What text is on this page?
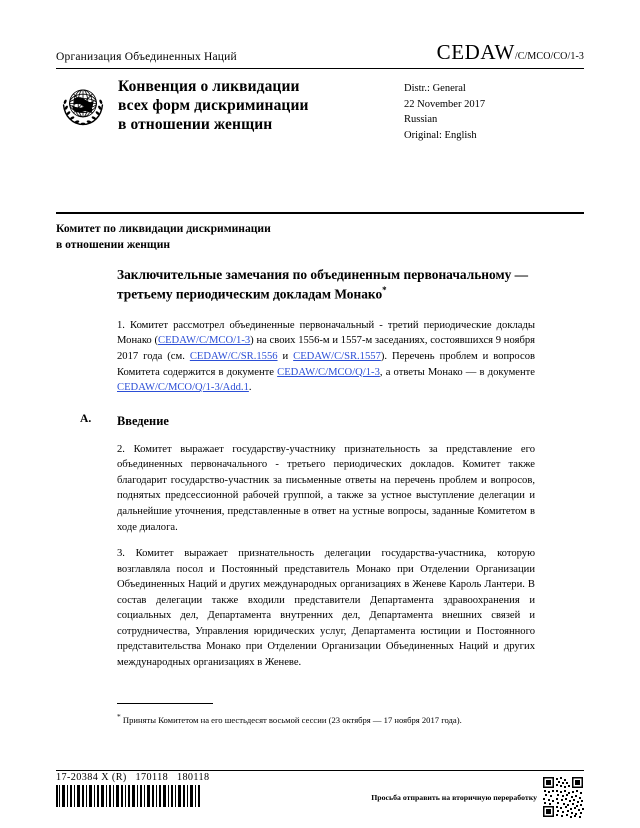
Организация Объединенных Наций	CEDAW /C/MCO/CO/1-3
Конвенция о ликвидации
всех форм дискриминации
в отношении женщин
Distr.: General
22 November 2017
Russian
Original: English
Комитет по ликвидации дискриминации
в отношении женщин
Заключительные замечания по объединенным первоначальному — третьему периодическим докладам Монако*

1. Комитет рассмотрел объединенные первоначальный - третий периодические доклады Монако (CEDAW/C/MCO/1-3) на своих 1556-м и 1557-м заседаниях, состоявшихся 9 ноября 2017 года (см. CEDAW/C/SR.1556 и CEDAW/C/SR.1557). Перечень проблем и вопросов Комитета содержится в документе CEDAW/C/MCO/Q/1-3, а ответы Монако — в документе CEDAW/C/MCO/Q/1-3/Add.1.

A. Введение

2. Комитет выражает государству-участнику признательность за представление его объединенных первоначального - третьего периодических докладов. Комитет также благодарит государство-участник за письменные ответы на перечень проблем и вопросов, поднятых предсессионной рабочей группой, а также за устное выступление делегации и дальнейшие уточнения, представленные в ответ на устные вопросы, заданные Комитетом в ходе диалога.

3. Комитет выражает признательность делегации государства-участника, которую возглавляла посол и Постоянный представитель Монако при Отделении Организации Объединенных Наций и других международных организациях в Женеве Кароль Лантери. В состав делегации также входили представители Департамента здравоохранения и социальных дел, Департамента внутренних дел, Департамента внешних связей и сотрудничества, Управления юридических услуг, Департамента юстиции и Постоянного представительства Монако при Отделении Организации Объединенных Наций и других международных организациях в Женеве.

* Приняты Комитетом на его шестьдесят восьмой сессии (23 октября — 17 ноября 2017 года).
17-20384 X (R)   170118   180118
Просьба отправить на вторичную переработку
